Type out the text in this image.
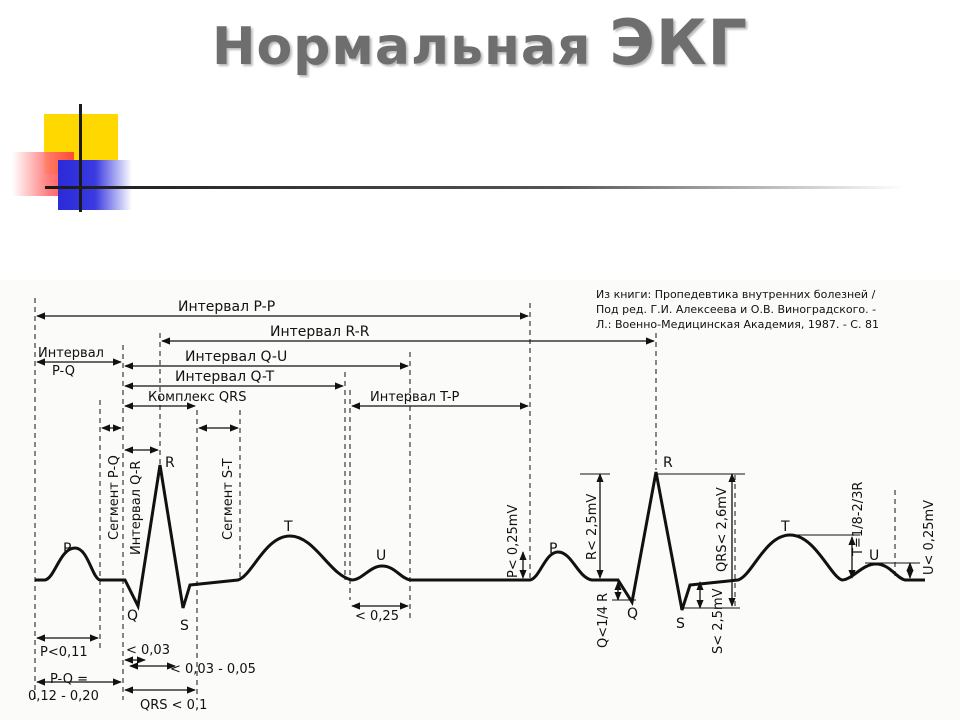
Нормальная ЭКГ
Из книги: Пропедевтика внутренних болезней /
Под ред. Г.И. Алексеева и О.В. Виноградского. -
Л.: Военно-Медицинская Академия, 1987. - С. 81
Интервал P-P
Интервал R-R
Интервал
P-Q
Интервал Q-U
Интервал Q-T
Комплекс QRS	Интервал T-P
Сегмент P-Q Интервал Q-R	Сегмент S-T
P
Q
R
S
T
U	P
Q
R
S
T
U
P<0,11
P-Q =
0,12 - 0,20
< 0,03
< 0,03 - 0,05
QRS < 0,1
< 0,25
P< 0,25mV	R< 2,5mV
Q<1/4 R
QRS< 2,6mV
S< 2,5mV
T=1/8-2/3R	U< 0,25mV
